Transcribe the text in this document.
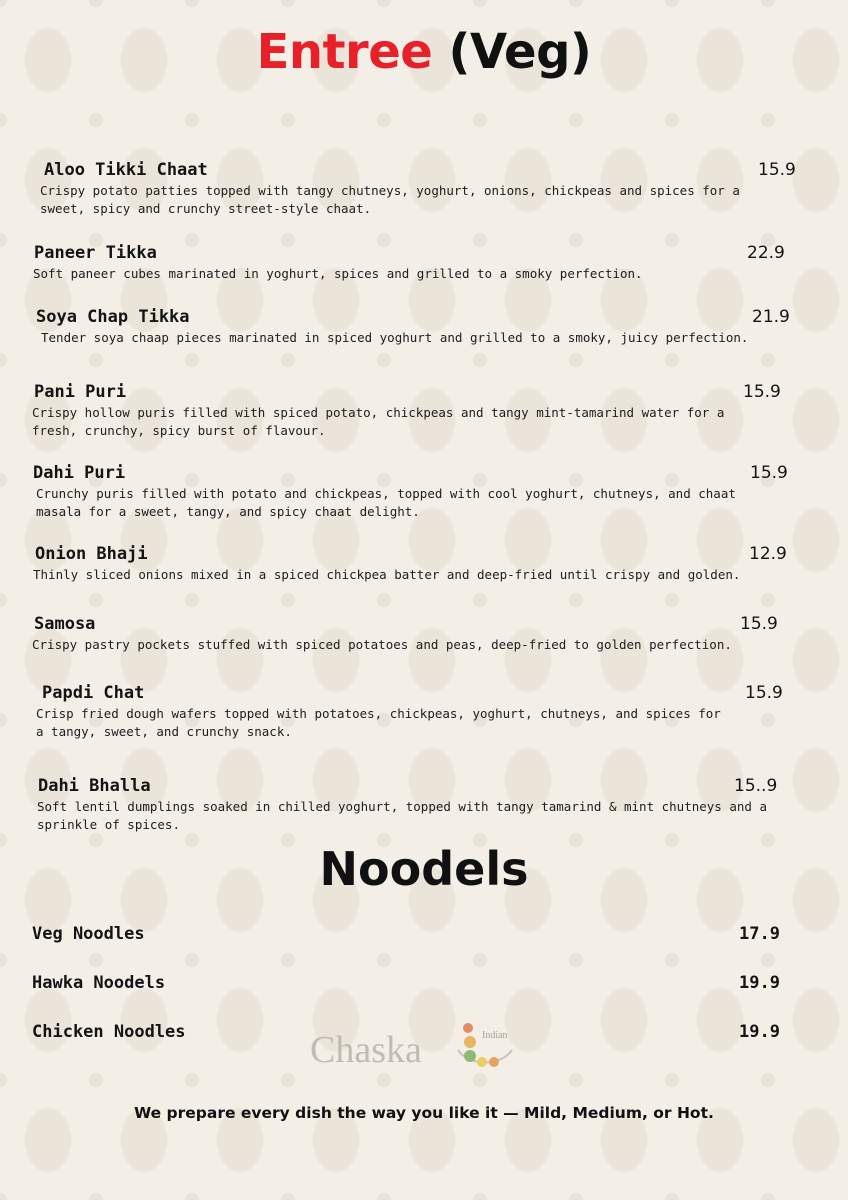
Entree (Veg)
Aloo Tikki Chaat	15.9
Crispy potato patties topped with tangy chutneys, yoghurt, onions, chickpeas and spices for a sweet, spicy and crunchy street-style chaat.
Paneer Tikka	22.9
Soft paneer cubes marinated in yoghurt, spices and grilled to a smoky perfection.
Soya Chap Tikka	21.9
Tender soya chaap pieces marinated in spiced yoghurt and grilled to a smoky, juicy perfection.
Pani Puri	15.9
Crispy hollow puris filled with spiced potato, chickpeas and tangy mint-tamarind water for a fresh, crunchy, spicy burst of flavour.
Dahi Puri	15.9
Crunchy puris filled with potato and chickpeas, topped with cool yoghurt, chutneys, and chaat masala for a sweet, tangy, and spicy chaat delight.
Onion Bhaji	12.9
Thinly sliced onions mixed in a spiced chickpea batter and deep-fried until crispy and golden.
Samosa	15.9
Crispy pastry pockets stuffed with spiced potatoes and peas, deep-fried to golden perfection.
Papdi Chat	15.9
Crisp fried dough wafers topped with potatoes, chickpeas, yoghurt, chutneys, and spices for a tangy, sweet, and crunchy snack.
Dahi Bhalla	15..9
Soft lentil dumplings soaked in chilled yoghurt, topped with tangy tamarind & mint chutneys and a sprinkle of spices.
Noodels
Veg Noodles	17.9
Hawka Noodels	19.9
Chicken Noodles	19.9
Chaska	Indian
We prepare every dish the way you like it — Mild, Medium, or Hot.
